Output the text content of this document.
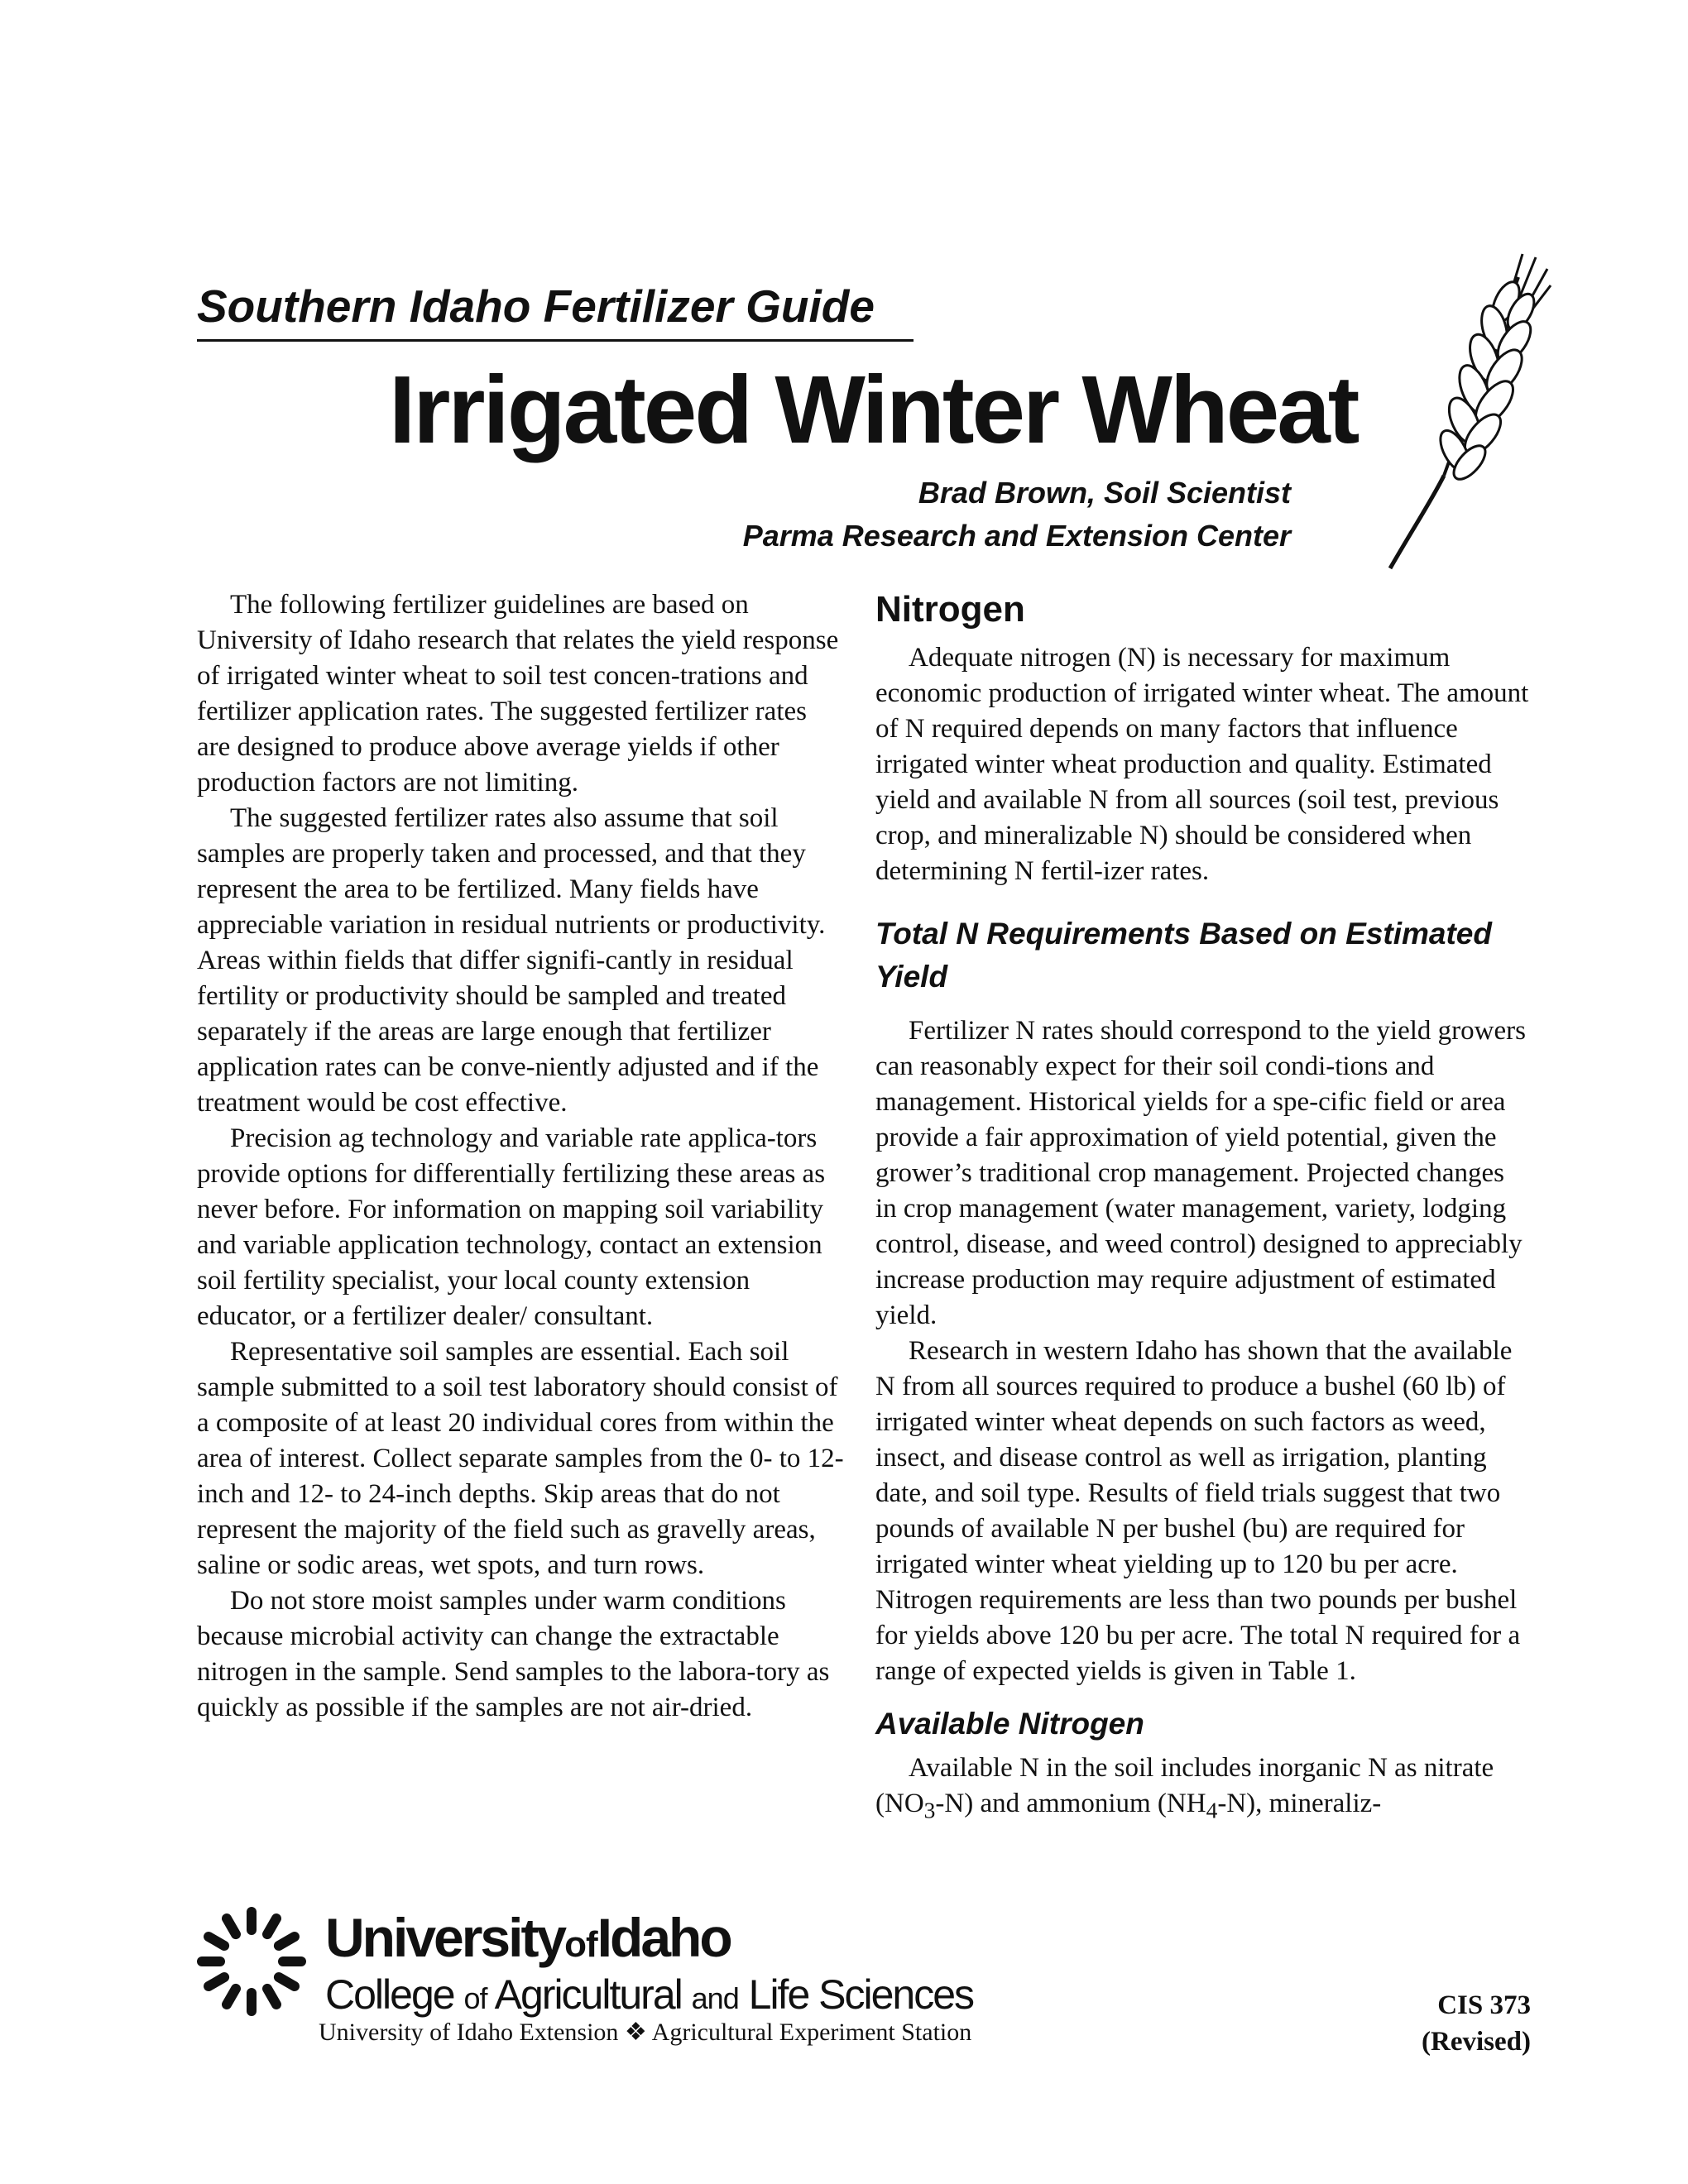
Southern Idaho Fertilizer Guide
Irrigated Winter Wheat
Brad Brown, Soil Scientist
Parma Research and Extension Center

The following fertilizer guidelines are based on University of Idaho research that relates the yield response of irrigated winter wheat to soil test concen-trations and fertilizer application rates. The suggested fertilizer rates are designed to produce above average yields if other production factors are not limiting.

The suggested fertilizer rates also assume that soil samples are properly taken and processed, and that they represent the area to be fertilized. Many fields have appreciable variation in residual nutrients or productivity. Areas within fields that differ signifi-cantly in residual fertility or productivity should be sampled and treated separately if the areas are large enough that fertilizer application rates can be conve-niently adjusted and if the treatment would be cost effective.

Precision ag technology and variable rate applica-tors provide options for differentially fertilizing these areas as never before. For information on mapping soil variability and variable application technology, contact an extension soil fertility specialist, your local county extension educator, or a fertilizer dealer/ consultant.

Representative soil samples are essential. Each soil sample submitted to a soil test laboratory should consist of a composite of at least 20 individual cores from within the area of interest. Collect separate samples from the 0- to 12-inch and 12- to 24-inch depths. Skip areas that do not represent the majority of the field such as gravelly areas, saline or sodic areas, wet spots, and turn rows.

Do not store moist samples under warm conditions because microbial activity can change the extractable nitrogen in the sample. Send samples to the labora-tory as quickly as possible if the samples are not air-dried.

Nitrogen

Adequate nitrogen (N) is necessary for maximum economic production of irrigated winter wheat. The amount of N required depends on many factors that influence irrigated winter wheat production and quality. Estimated yield and available N from all sources (soil test, previous crop, and mineralizable N) should be considered when determining N fertil-izer rates.

Total N Requirements Based on Estimated Yield

Fertilizer N rates should correspond to the yield growers can reasonably expect for their soil condi-tions and management. Historical yields for a spe-cific field or area provide a fair approximation of yield potential, given the grower’s traditional crop management. Projected changes in crop management (water management, variety, lodging control, disease, and weed control) designed to appreciably increase production may require adjustment of estimated yield.

Research in western Idaho has shown that the available N from all sources required to produce a bushel (60 lb) of irrigated winter wheat depends on such factors as weed, insect, and disease control as well as irrigation, planting date, and soil type. Results of field trials suggest that two pounds of available N per bushel (bu) are required for irrigated winter wheat yielding up to 120 bu per acre. Nitrogen requirements are less than two pounds per bushel for yields above 120 bu per acre. The total N required for a range of expected yields is given in Table 1.

Available Nitrogen

Available N in the soil includes inorganic N as nitrate $(NO_3-N)$ and ammonium $(NH_4-N)$, mineraliz-

UniversityofIdaho
College of Agricultural and Life Sciences
University of Idaho Extension ❖ Agricultural Experiment Station
CIS 373
(Revised)
